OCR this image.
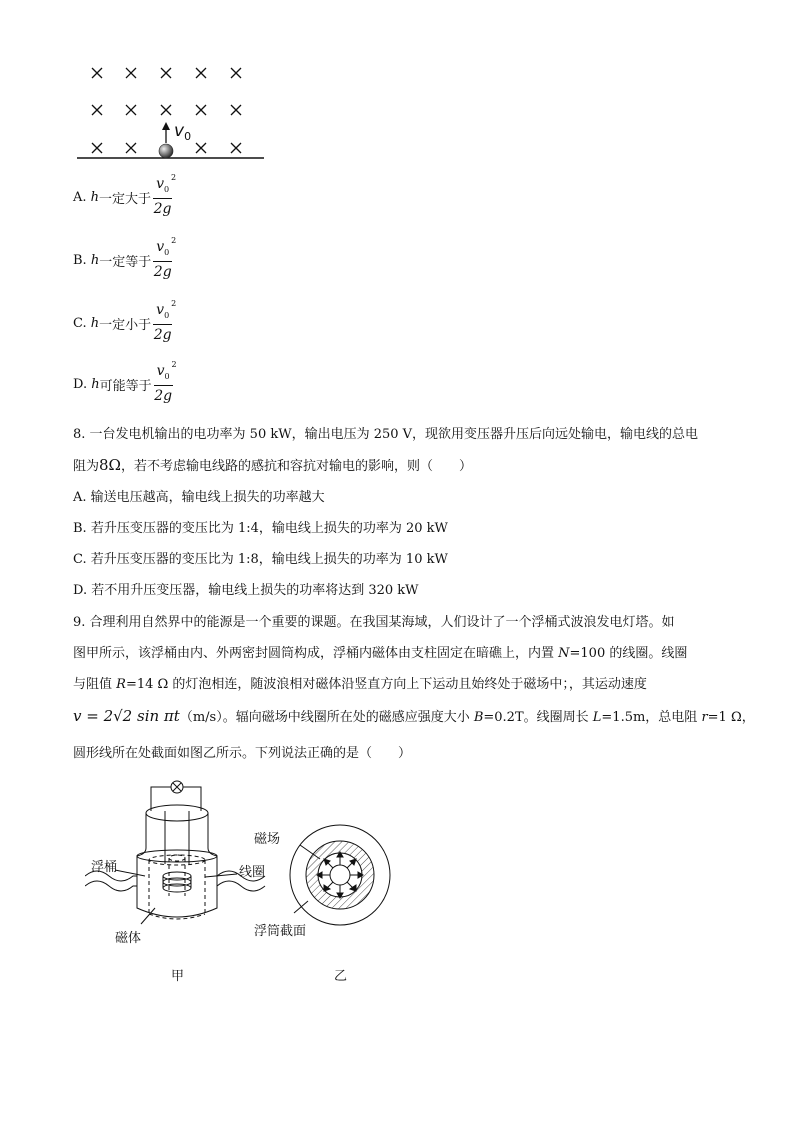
$v_0$
A.
h 一定大于 $v_0$
2
2g
B.
h 一定等于 $v_0$
2
2g
C.
h 一定小于 $v_0$
2
2g
D.
h 可能等于 $v_0$
2
2g
8. 一台发电机输出的电功率为 50 kW，输出电压为 250 V，现欲用变压器升压后向远处输电，输电线的总电
阻为8Ω，若不考虑输电线路的感抗和容抗对输电的影响，则（　　）
A. 输送电压越高，输电线上损失的功率越大
B. 若升压变压器的变压比为 1:4，输电线上损失的功率为 20 kW
C. 若升压变压器的变压比为 1:8，输电线上损失的功率为 10 kW
D. 若不用升压变压器，输电线上损失的功率将达到 320 kW
9. 合理利用自然界中的能源是一个重要的课题。在我国某海域，人们设计了一个浮桶式波浪发电灯塔。如
图甲所示，该浮桶由内、外两密封圆筒构成，浮桶内磁体由支柱固定在暗礁上，内置 N=100 的线圈。线圈
与阻值 R=14 Ω 的灯泡相连，随波浪相对磁体沿竖直方向上下运动且始终处于磁场中；，其运动速度
v = 2√2 sin πt（m/s）。辐向磁场中线圈所在处的磁感应强度大小 B=0.2T。线圈周长 L=1.5m，总电阻 r=1 Ω，
圆形线所在处截面如图乙所示。下列说法正确的是（　　）
浮桶	线圈
磁体
甲
磁场
浮筒截面
乙
